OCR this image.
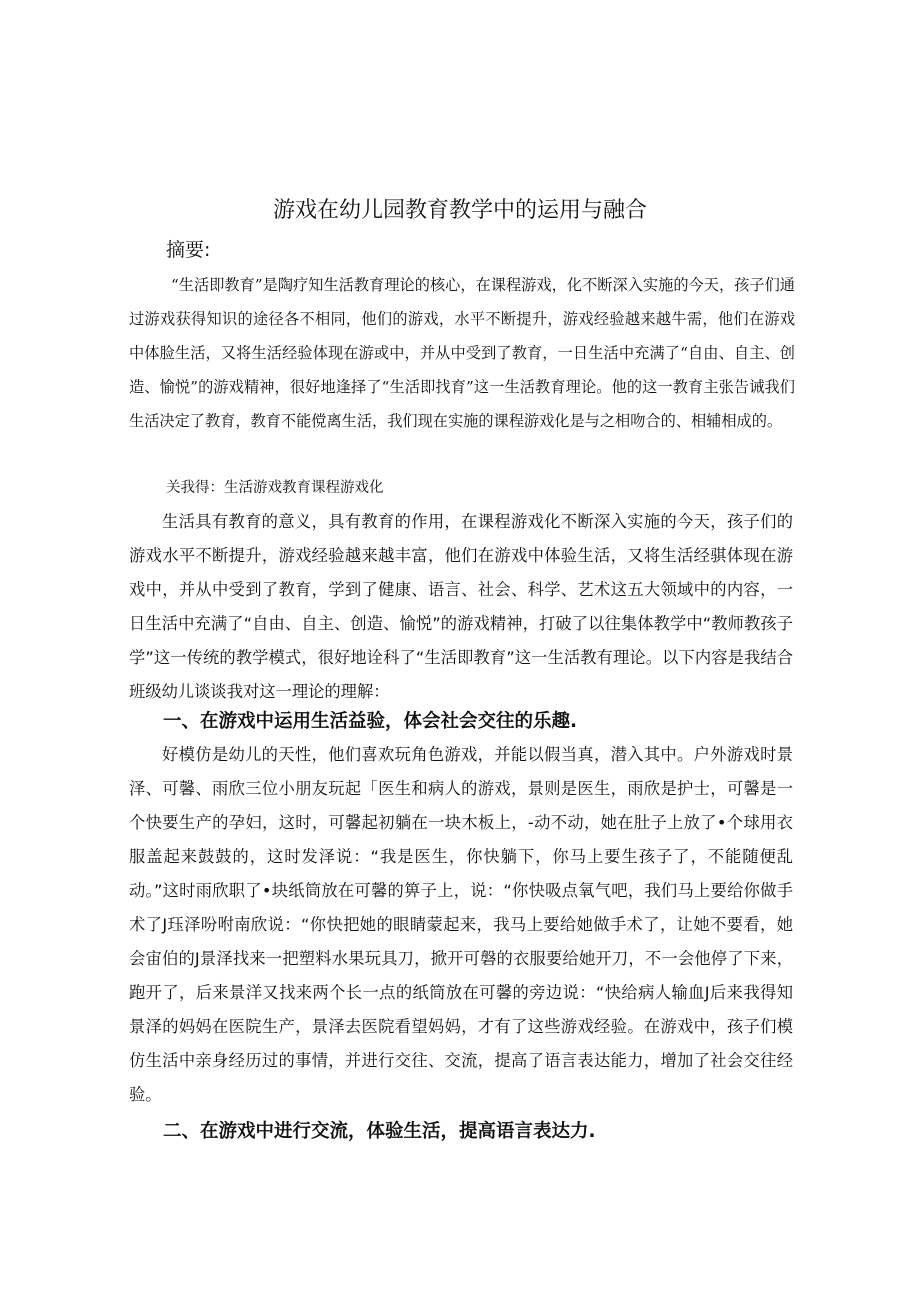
游戏在幼儿园教育教学中的运用与融合
摘要:

“生活即教育”是陶疗知生活教育理论的核心，在课程游戏，化不断深入实施的今天，孩子们通过游戏获得知识的途径各不相同，他们的游戏，水平不断提升，游戏经验越来越牛需，他们在游戏中体脸生活，又将生活经验体现在游或中，并从中受到了教育，一日生活中充满了“自由、自主、创造、愉悦”的游戏精神，很好地逢择了“生活即找育”这一生活教育理论。他的这一教育主张告诫我们生活决定了教育，教育不能傥离生活，我们现在实施的课程游戏化是与之相吻合的、相辅相成的。

关我得：生活游戏教育课程游戏化

生活具有教育的意义，具有教育的作用，在课程游戏化不断深入实施的今天，孩子们的游戏水平不断提升，游戏经验越来越丰富，他们在游戏中体验生活，又将生活经骐体现在游戏中，并从中受到了教育，学到了健康、语言、社会、科学、艺术这五大领域中的内容，一日生活中充满了“自由、自主、创造、愉悦”的游戏精神，打破了以往集体教学中“教师教孩子学”这一传统的教学模式，很好地诠科了“生活即教育”这一生活教有理论。以下内容是我结合班级幼儿谈谈我对这一理论的理解：

一、在游戏中运用生活益验，体会社会交往的乐趣.

好模仿是幼儿的天性，他们喜欢玩角色游戏，并能以假当真，潜入其中。户外游戏时景泽、可馨、雨欣三位小朋友玩起「医生和病人的游戏，景则是医生，雨欣是护士，可馨是一个快要生产的孕妇，这时，可馨起初躺在一块木板上，-动不动，她在肚子上放了•个球用衣服盖起来鼓鼓的，这时发泽说：“我是医生，你快躺下，你马上要生孩子了，不能随便乱动。”这时雨欣职了•块纸筒放在可馨的箅子上，说：“你快吸点氧气吧，我们马上要给你做手术了J珏泽吩咐南欣说：“你快把她的眼睛蒙起来，我马上要给她做手术了，让她不要看，她会宙伯的J景泽找来一把塑料水果玩具刀，掀开可磐的衣服要给她开刀，不一会他停了下来，跑开了，后来景洋又找来两个长一点的纸筒放在可馨的旁边说：“快给病人输血J后来我得知景泽的妈妈在医院生产，景泽去医院看望妈妈，才有了这些游戏经验。在游戏中，孩子们模仿生活中亲身经历过的事情，并进行交往、交流，提高了语言表达能力，增加了社会交往经验。

二、在游戏中进行交流，体验生活，提高语言表达力.
